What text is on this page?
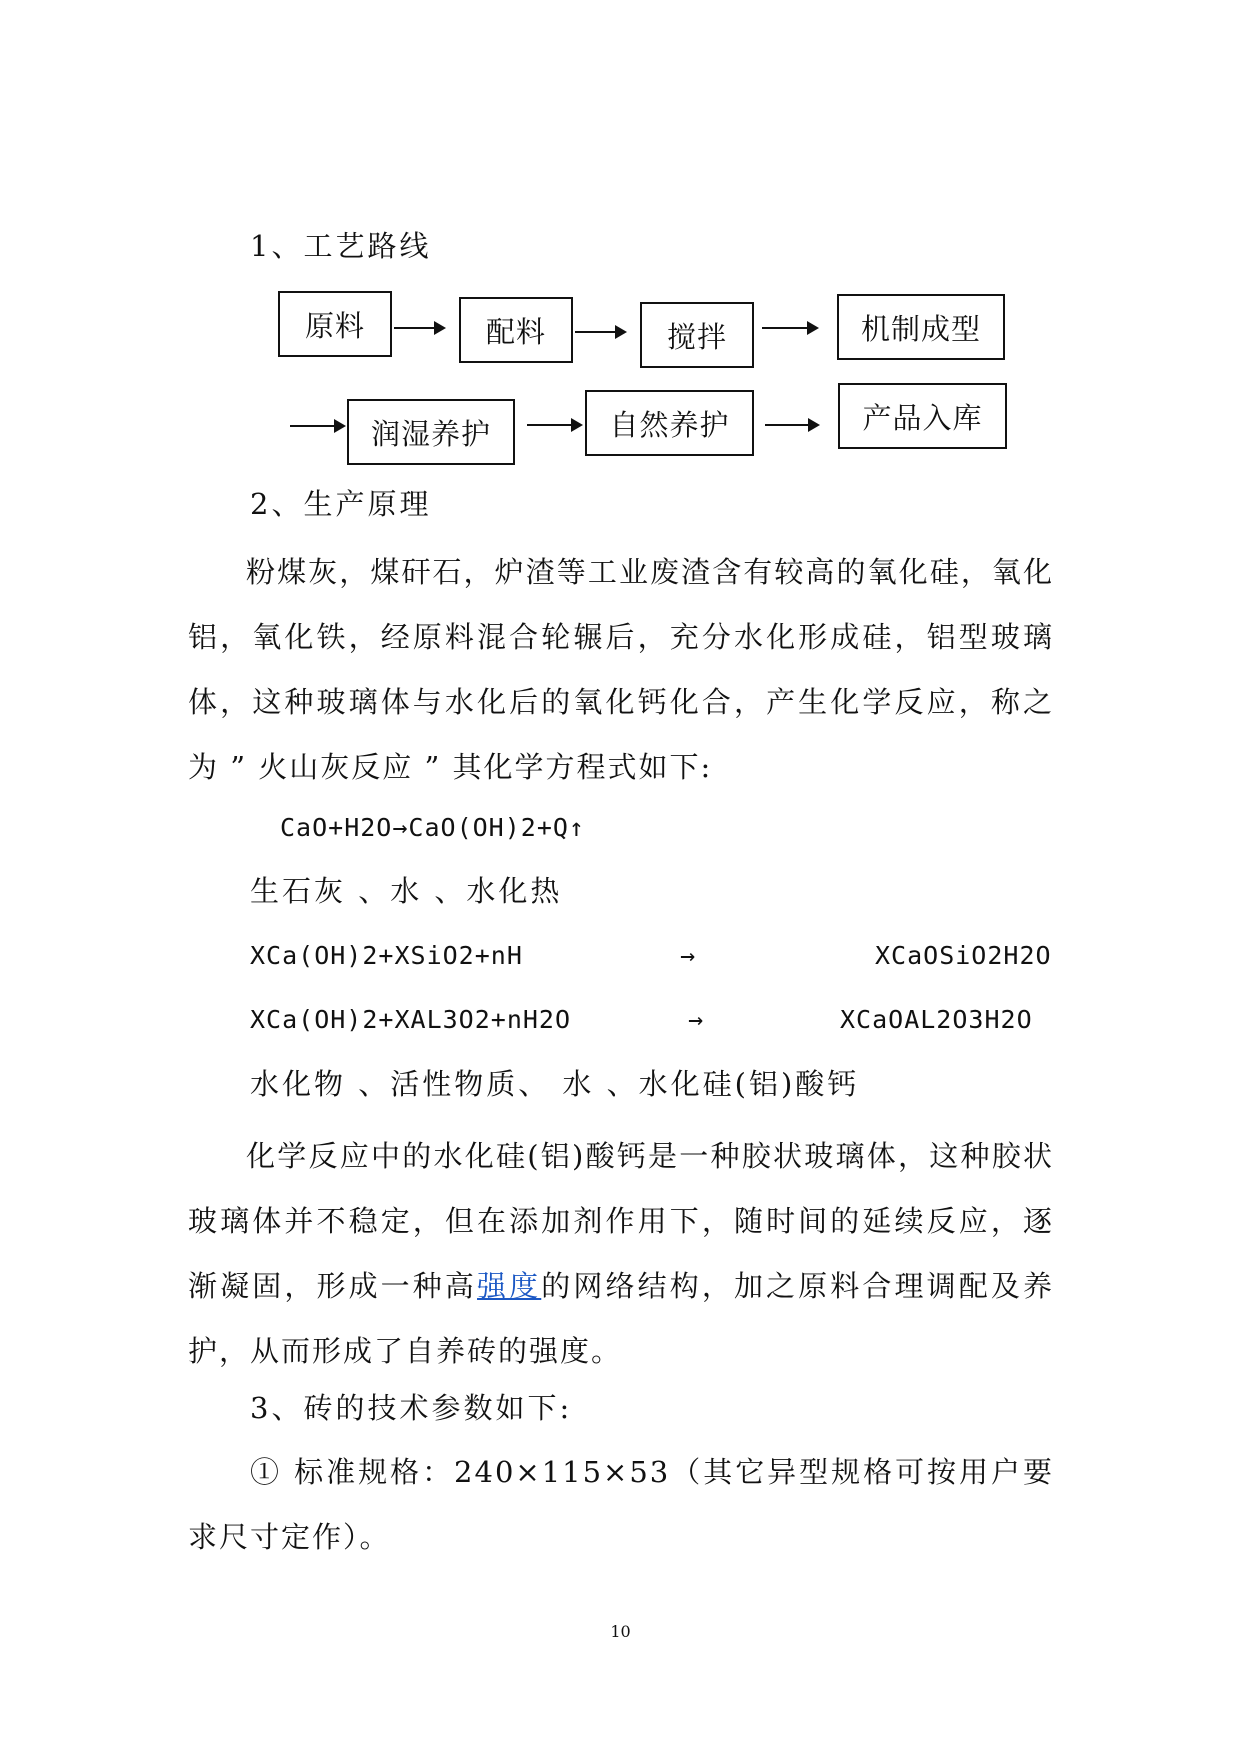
1、工艺路线
原料	配料	搅拌	机制成型
润湿养护	自然养护	产品入库
2、生产原理
粉煤灰，煤矸石，炉渣等工业废渣含有较高的氧化硅，氧化铝，氧化铁，经原料混合轮辗后，充分水化形成硅，铝型玻璃体，这种玻璃体与水化后的氧化钙化合，产生化学反应，称之为 ” 火山灰反应 ” 其化学方程式如下:
CaO+H2O→CaO(OH)2+Q↑
生石灰 、水 、水化热
XCa(OH)2+XSiO2+nH	→	XCaOSiO2H2O
XCa(OH)2+XAL3O2+nH2O	→	XCaOAL2O3H2O
水化物 、活性物质、 水 、水化硅(铝)酸钙
化学反应中的水化硅(铝)酸钙是一种胶状玻璃体，这种胶状玻璃体并不稳定，但在添加剂作用下，随时间的延续反应，逐渐凝固，形成一种高强度的网络结构，加之原料合理调配及养护，从而形成了自养砖的强度。
3、砖的技术参数如下:
① 标准规格：240×115×53（其它异型规格可按用户要求尺寸定作）。
10
